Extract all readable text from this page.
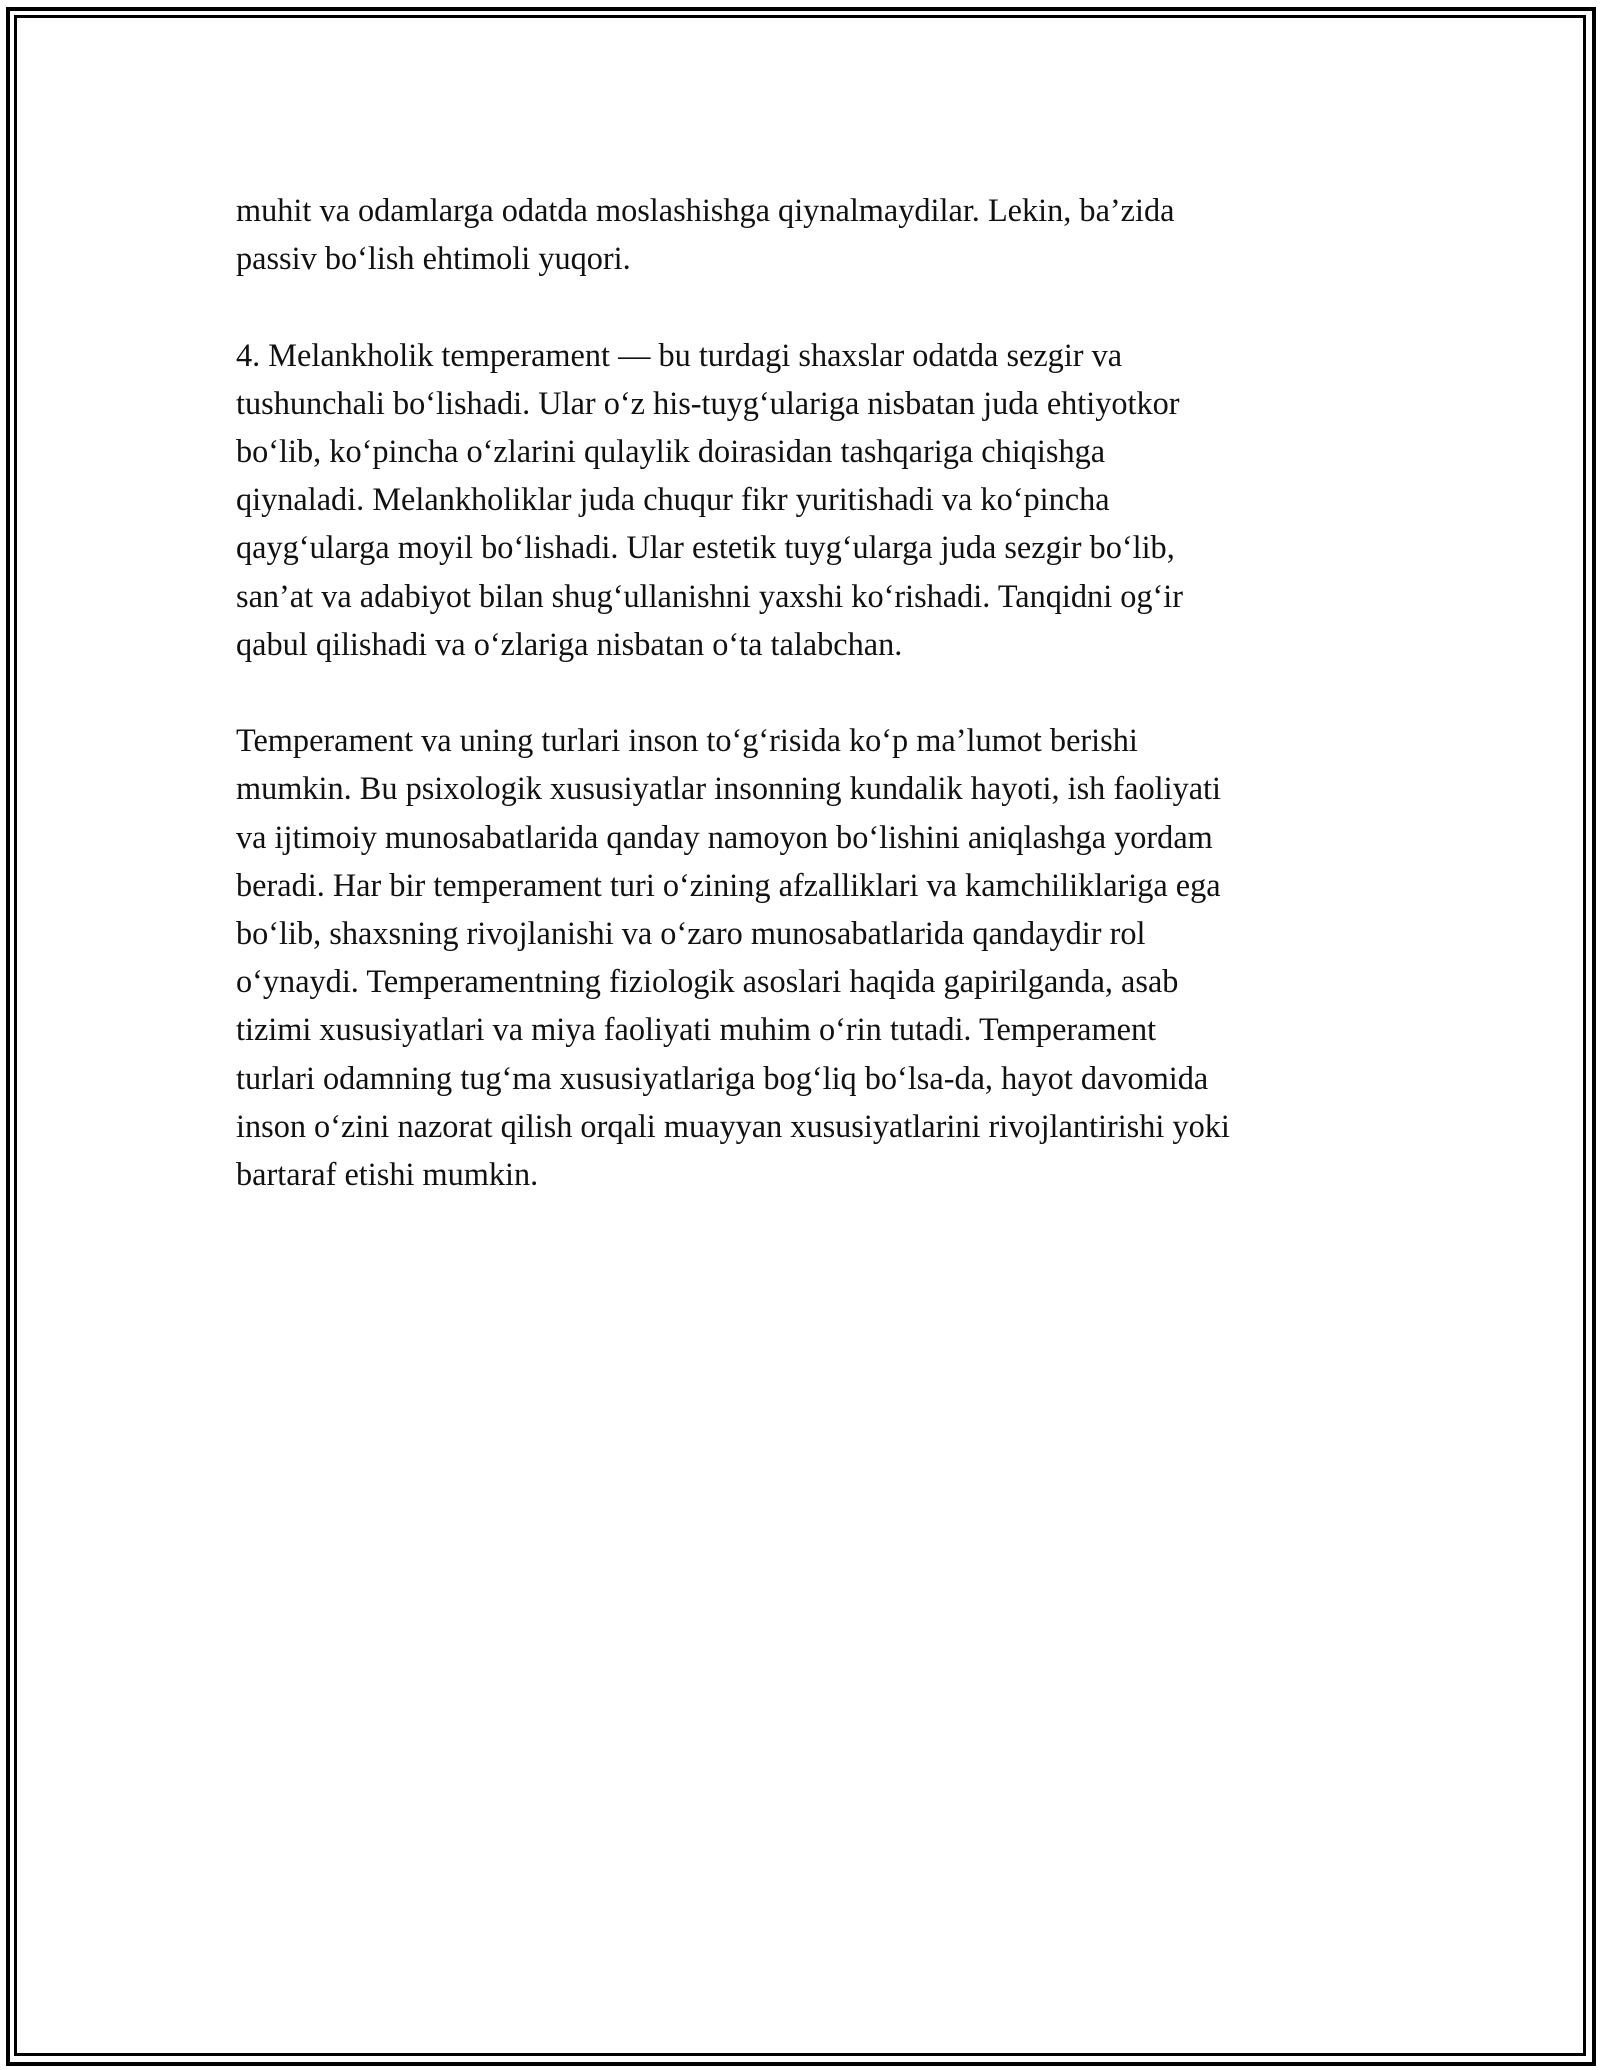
muhit va odamlarga odatda moslashishga qiynalmaydilar. Lekin, ba’zida
passiv bo‘lish ehtimoli yuqori.

4. Melankholik temperament — bu turdagi shaxslar odatda sezgir va
tushunchali bo‘lishadi. Ular o‘z his-tuyg‘ulariga nisbatan juda ehtiyotkor
bo‘lib, ko‘pincha o‘zlarini qulaylik doirasidan tashqariga chiqishga
qiynaladi. Melankholiklar juda chuqur fikr yuritishadi va ko‘pincha
qayg‘ularga moyil bo‘lishadi. Ular estetik tuyg‘ularga juda sezgir bo‘lib,
san’at va adabiyot bilan shug‘ullanishni yaxshi ko‘rishadi. Tanqidni og‘ir
qabul qilishadi va o‘zlariga nisbatan o‘ta talabchan.

Temperament va uning turlari inson to‘g‘risida ko‘p ma’lumot berishi
mumkin. Bu psixologik xususiyatlar insonning kundalik hayoti, ish faoliyati
va ijtimoiy munosabatlarida qanday namoyon bo‘lishini aniqlashga yordam
beradi. Har bir temperament turi o‘zining afzalliklari va kamchiliklariga ega
bo‘lib, shaxsning rivojlanishi va o‘zaro munosabatlarida qandaydir rol
o‘ynaydi. Temperamentning fiziologik asoslari haqida gapirilganda, asab
tizimi xususiyatlari va miya faoliyati muhim o‘rin tutadi. Temperament
turlari odamning tug‘ma xususiyatlariga bog‘liq bo‘lsa-da, hayot davomida
inson o‘zini nazorat qilish orqali muayyan xususiyatlarini rivojlantirishi yoki
bartaraf etishi mumkin.
